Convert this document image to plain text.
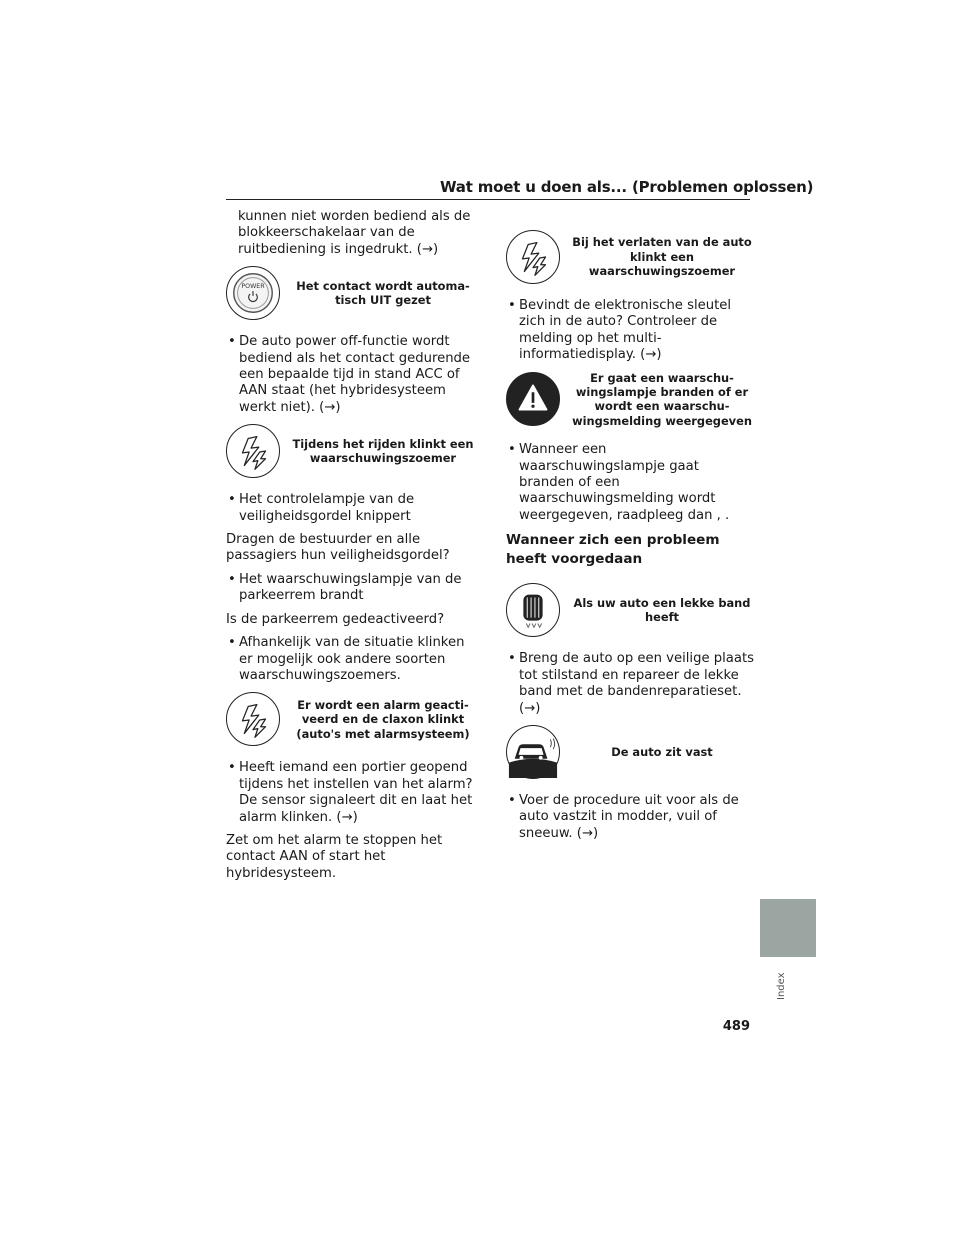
Wat moet u doen als... (Problemen oplossen)

kunnen niet worden bediend als de blokkeerschakelaar van de ruitbediening is ingedrukt. (→)

POWER	Het contact wordt automa-tisch UIT gezet
• De auto power off-functie wordt bediend als het contact gedurende een bepaalde tijd in stand ACC of AAN staat (het hybridesysteem werkt niet). (→)
Tijdens het rijden klinkt een waarschuwingszoemer
• Het controlelampje van de veiligheidsgordel knippert

Dragen de bestuurder en alle passagiers hun veiligheidsgordel?

• Het waarschuwingslampje van de parkeerrem brandt

Is de parkeerrem gedeactiveerd?

• Afhankelijk van de situatie klinken er mogelijk ook andere soorten waarschuwingszoemers.
Er wordt een alarm geacti-veerd en de claxon klinkt (auto's met alarmsysteem)
• Heeft iemand een portier geopend tijdens het instellen van het alarm? De sensor signaleert dit en laat het alarm klinken. (→)

Zet om het alarm te stoppen het contact AAN of start het hybridesysteem.

Bij het verlaten van de auto klinkt een waarschuwingszoemer
• Bevindt de elektronische sleutel zich in de auto? Controleer de melding op het multi-informatiedisplay. (→)
Er gaat een waarschu-wingslampje branden of er wordt een waarschu-wingsmelding weergegeven
• Wanneer een waarschuwingslampje gaat branden of een waarschuwingsmelding wordt weergegeven, raadpleeg dan , .
Wanneer zich een probleem heeft voorgedaan
Als uw auto een lekke band heeft
• Breng de auto op een veilige plaats tot stilstand en repareer de lekke band met de bandenreparatieset. (→)
De auto zit vast
• Voer de procedure uit voor als de auto vastzit in modder, vuil of sneeuw. (→)
Index
489
